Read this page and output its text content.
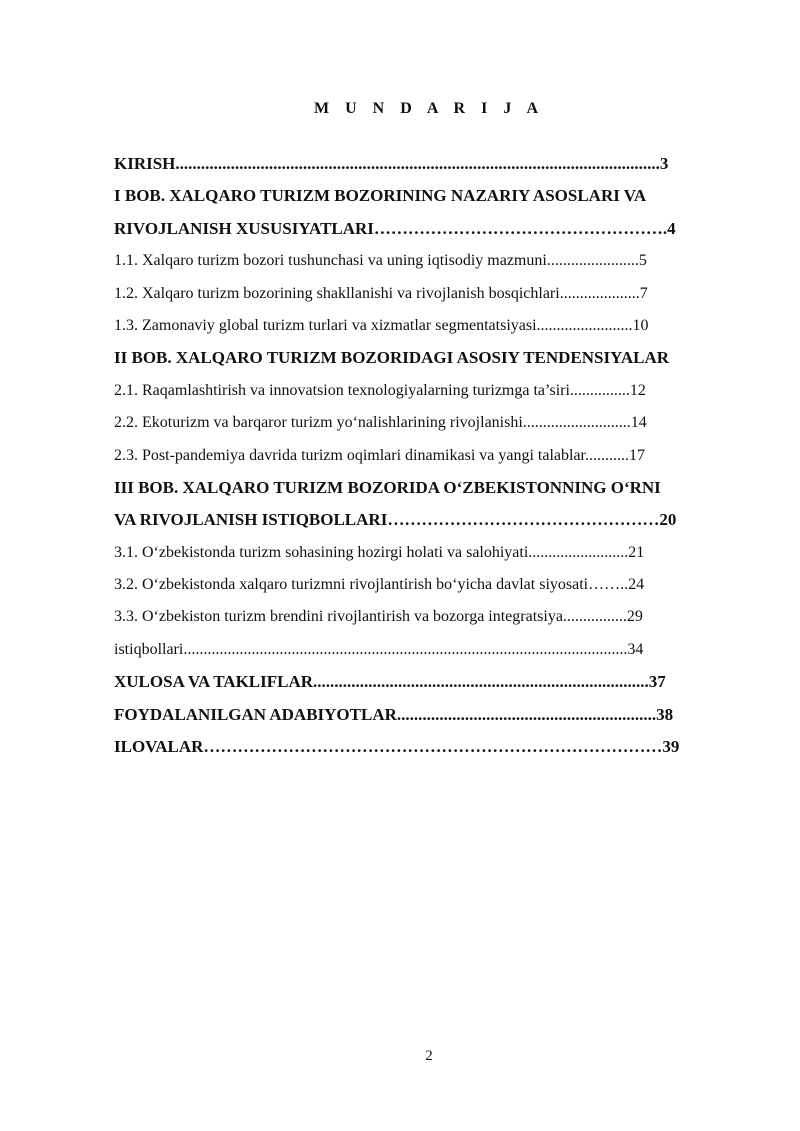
M U N D A R I J A
KIRISH..................................................................................................................3
I BOB. XALQARO TURIZM BOZORINING NAZARIY ASOSLARI VA
RIVOJLANISH XUSUSIYATLARI…………………………………………….4
1.1. Xalqaro turizm bozori tushunchasi va uning iqtisodiy mazmuni.......................5
1.2. Xalqaro turizm bozorining shakllanishi va rivojlanish bosqichlari....................7
1.3. Zamonaviy global turizm turlari va xizmatlar segmentatsiyasi........................10
II BOB. XALQARO TURIZM BOZORIDAGI ASOSIY TENDENSIYALAR
2.1. Raqamlashtirish va innovatsion texnologiyalarning turizmga ta’siri...............12
2.2. Ekoturizm va barqaror turizm yo‘nalishlarining rivojlanishi...........................14
2.3. Post-pandemiya davrida turizm oqimlari dinamikasi va yangi talablar...........17
III BOB. XALQARO TURIZM BOZORIDA O‘ZBEKISTONNING O‘RNI
VA RIVOJLANISH ISTIQBOLLARI…………………………………………20
3.1. O‘zbekistonda turizm sohasining hozirgi holati va salohiyati.........................21
3.2. O‘zbekistonda xalqaro turizmni rivojlantirish bo‘yicha davlat siyosati……..24
3.3. O‘zbekiston turizm brendini rivojlantirish va bozorga integratsiya................29
istiqbollari...............................................................................................................34
XULOSA VA TAKLIFLAR...............................................................................37
FOYDALANILGAN ADABIYOTLAR.............................................................38
ILOVALAR………………………………………………………………………39
2
